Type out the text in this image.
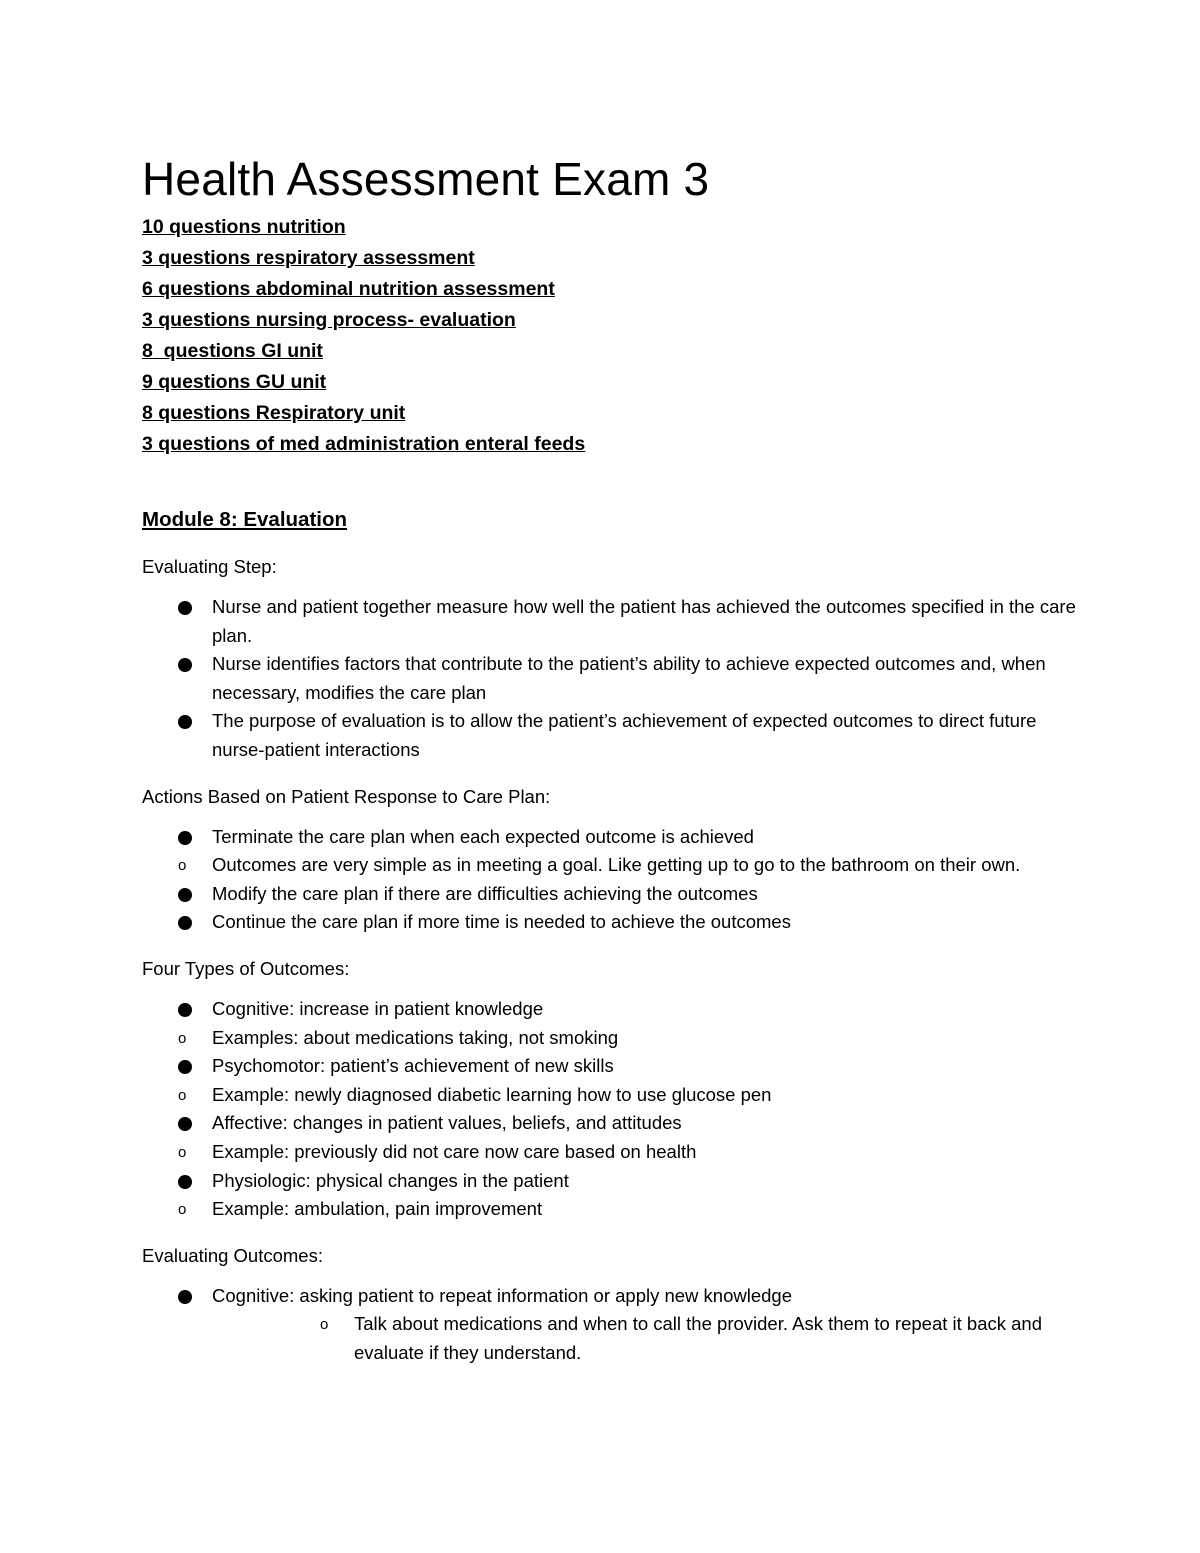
Health Assessment Exam 3
10 questions nutrition
3 questions respiratory assessment
6 questions abdominal nutrition assessment
3 questions nursing process- evaluation
8  questions GI unit
9 questions GU unit
8 questions Respiratory unit
3 questions of med administration enteral feeds
Module 8: Evaluation
Evaluating Step:
Nurse and patient together measure how well the patient has achieved the outcomes specified in the care plan.
Nurse identifies factors that contribute to the patient’s ability to achieve expected outcomes and, when necessary, modifies the care plan
The purpose of evaluation is to allow the patient’s achievement of expected outcomes to direct future nurse-patient interactions
Actions Based on Patient Response to Care Plan:
Terminate the care plan when each expected outcome is achieved
o Outcomes are very simple as in meeting a goal. Like getting up to go to the bathroom on their own.
Modify the care plan if there are difficulties achieving the outcomes
Continue the care plan if more time is needed to achieve the outcomes
Four Types of Outcomes:
Cognitive: increase in patient knowledge
o Examples: about medications taking, not smoking
Psychomotor: patient’s achievement of new skills
o Example: newly diagnosed diabetic learning how to use glucose pen
Affective: changes in patient values, beliefs, and attitudes
o Example: previously did not care now care based on health
Physiologic: physical changes in the patient
o Example: ambulation, pain improvement
Evaluating Outcomes:
Cognitive: asking patient to repeat information or apply new knowledge
o Talk about medications and when to call the provider. Ask them to repeat it back and evaluate if they understand.
